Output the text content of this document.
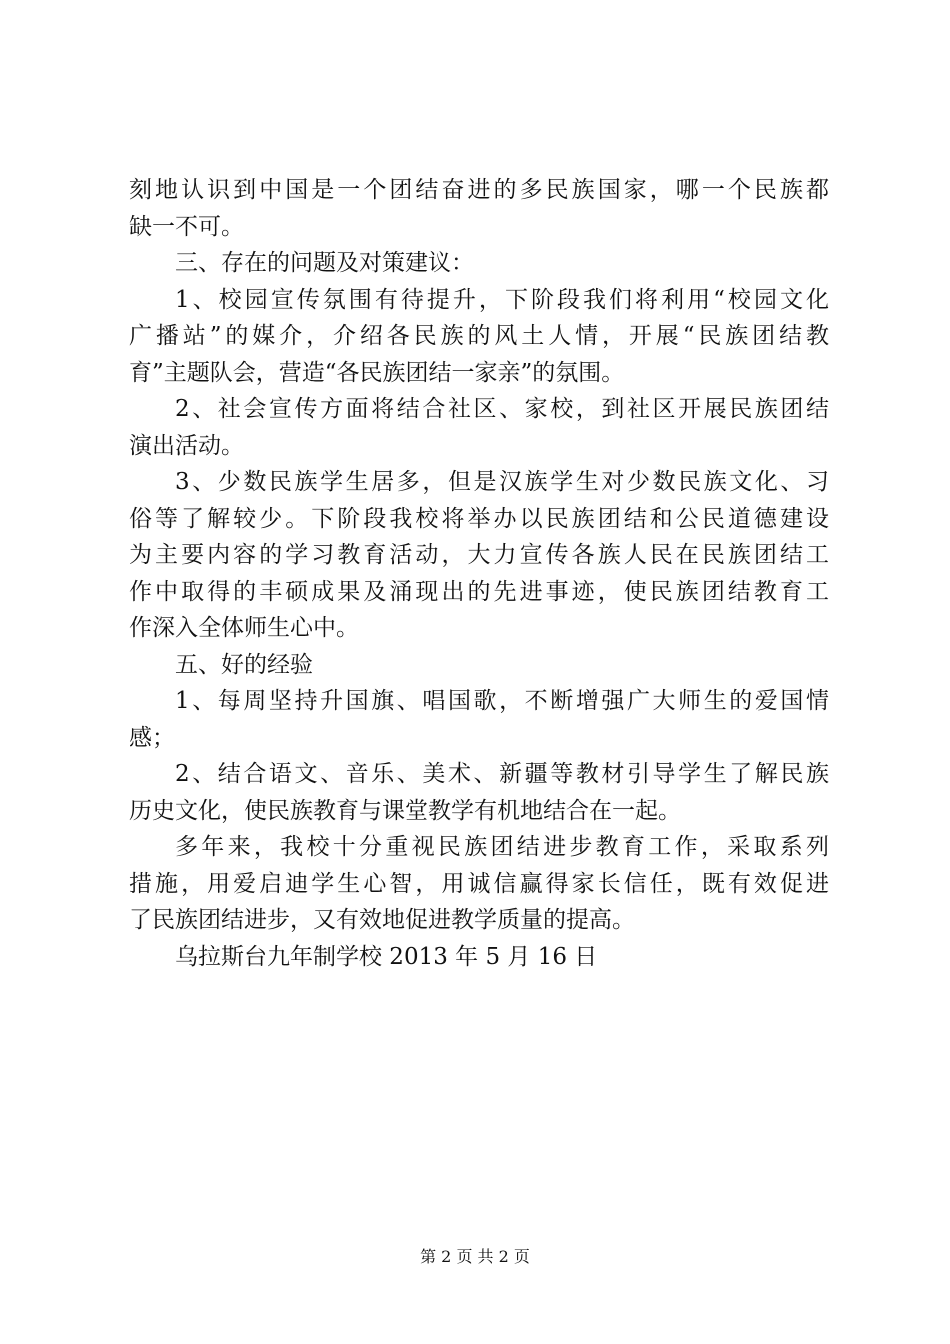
刻地认识到中国是一个团结奋进的多民族国家，哪一个民族都
缺一不可。
三、存在的问题及对策建议：
1、校园宣传氛围有待提升，下阶段我们将利用“校园文化
广播站”的媒介，介绍各民族的风土人情，开展“民族团结教
育”主题队会，营造“各民族团结一家亲”的氛围。
2、社会宣传方面将结合社区、家校，到社区开展民族团结
演出活动。
3、少数民族学生居多，但是汉族学生对少数民族文化、习
俗等了解较少。下阶段我校将举办以民族团结和公民道德建设
为主要内容的学习教育活动，大力宣传各族人民在民族团结工
作中取得的丰硕成果及涌现出的先进事迹，使民族团结教育工
作深入全体师生心中。
五、好的经验
1、每周坚持升国旗、唱国歌，不断增强广大师生的爱国情
感；
2、结合语文、音乐、美术、新疆等教材引导学生了解民族
历史文化，使民族教育与课堂教学有机地结合在一起。
多年来，我校十分重视民族团结进步教育工作，采取系列
措施，用爱启迪学生心智，用诚信赢得家长信任，既有效促进
了民族团结进步，又有效地促进教学质量的提高。
乌拉斯台九年制学校 2013 年 5 月 16 日
第 2 页 共 2 页
